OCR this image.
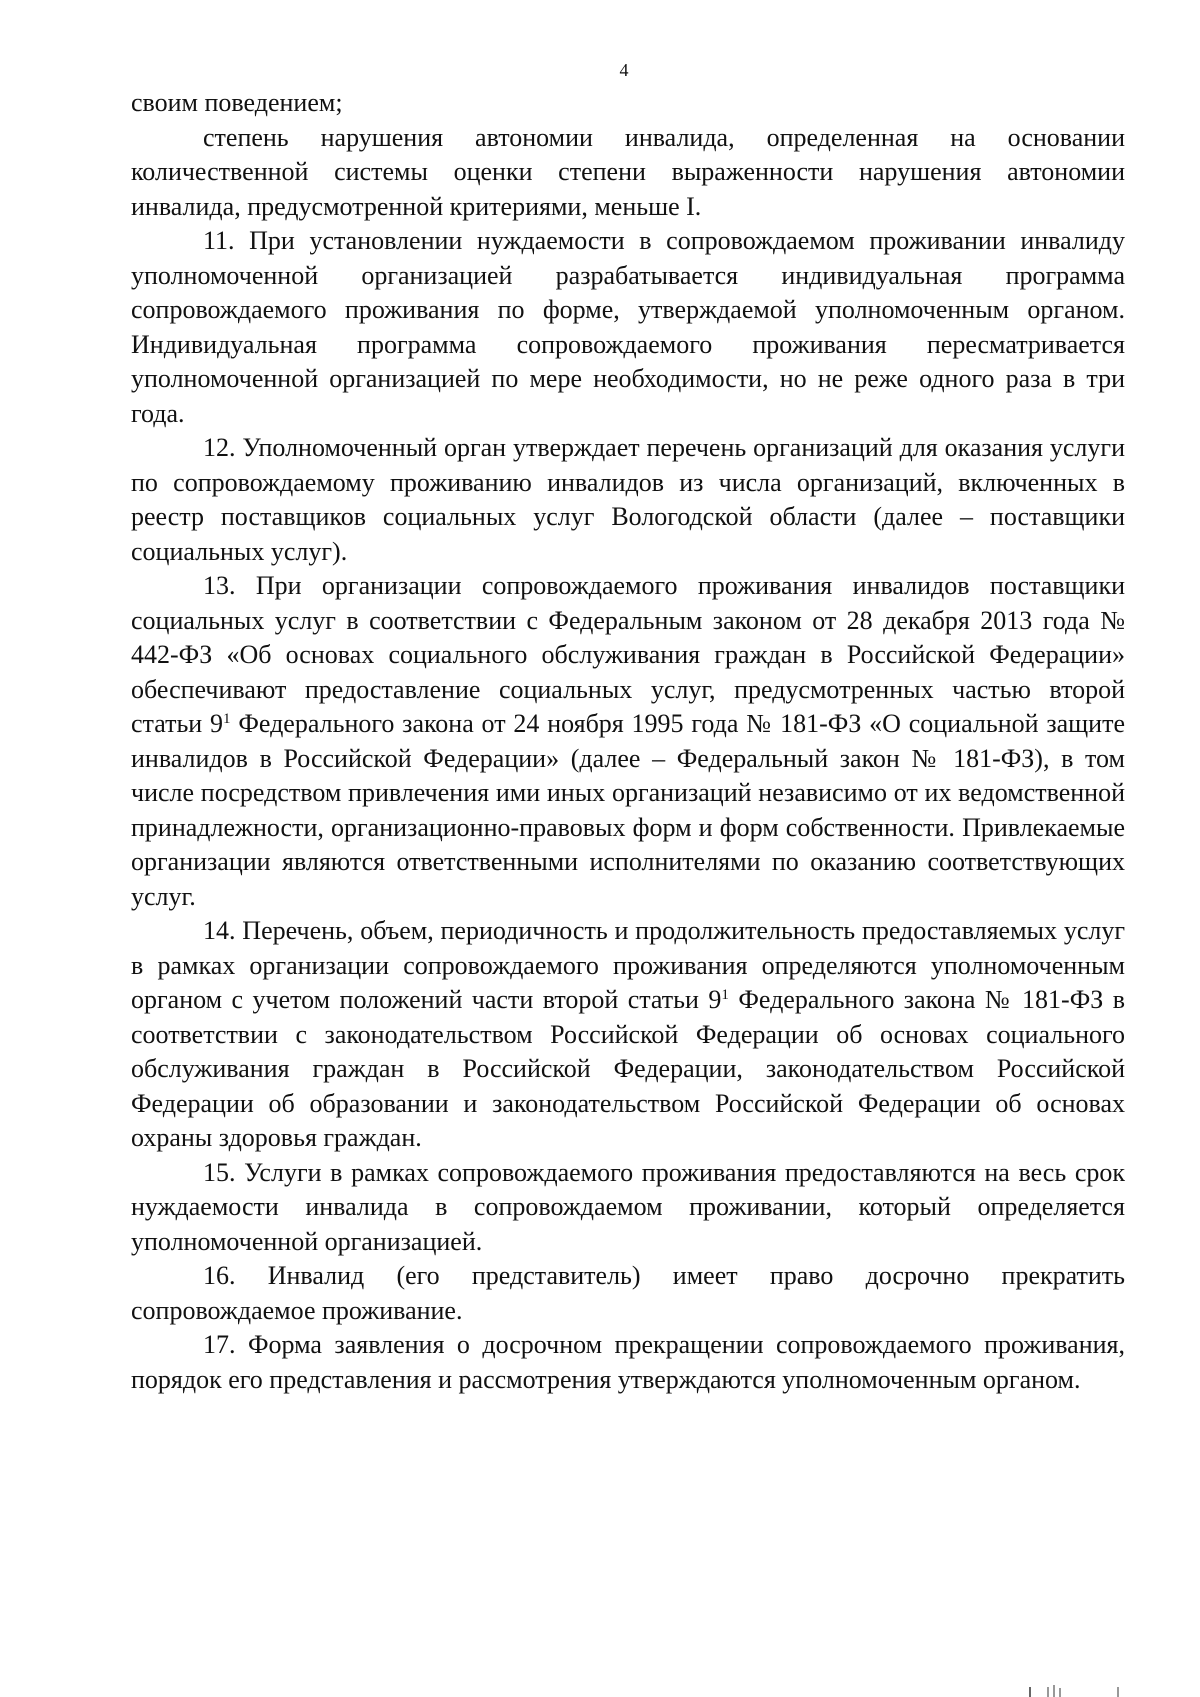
4

своим поведением;

степень нарушения автономии инвалида, определенная на основании количественной системы оценки степени выраженности нарушения автономии инвалида, предусмотренной критериями, меньше I.

11. При установлении нуждаемости в сопровождаемом проживании инвалиду уполномоченной организацией разрабатывается индивидуальная программа сопровождаемого проживания по форме, утверждаемой уполномоченным органом. Индивидуальная программа сопровождаемого проживания пересматривается уполномоченной организацией по мере необходимости, но не реже одного раза в три года.

12. Уполномоченный орган утверждает перечень организаций для оказания услуги по сопровождаемому проживанию инвалидов из числа организаций, включенных в реестр поставщиков социальных услуг Вологодской области (далее – поставщики социальных услуг).

13. При организации сопровождаемого проживания инвалидов поставщики социальных услуг в соответствии с Федеральным законом от 28 декабря 2013 года № 442-ФЗ «Об основах социального обслуживания граждан в Российской Федерации» обеспечивают предоставление социальных услуг, предусмотренных частью второй статьи $9^1$ Федерального закона от 24 ноября 1995 года № 181-ФЗ «О социальной защите инвалидов в Российской Федерации» (далее – Федеральный закон № 181-ФЗ), в том числе посредством привлечения ими иных организаций независимо от их ведомственной принадлежности, организационно-правовых форм и форм собственности. Привлекаемые организации являются ответственными исполнителями по оказанию соответствующих услуг.

14. Перечень, объем, периодичность и продолжительность предоставляемых услуг в рамках организации сопровождаемого проживания определяются уполномоченным органом с учетом положений части второй статьи $9^1$ Федерального закона № 181-ФЗ в соответствии с законодательством Российской Федерации об основах социального обслуживания граждан в Российской Федерации, законодательством Российской Федерации об образовании и законодательством Российской Федерации об основах охраны здоровья граждан.

15. Услуги в рамках сопровождаемого проживания предоставляются на весь срок нуждаемости инвалида в сопровождаемом проживании, который определяется уполномоченной организацией.

16. Инвалид (его представитель) имеет право досрочно прекратить сопровождаемое проживание.

17. Форма заявления о досрочном прекращении сопровождаемого проживания, порядок его представления и рассмотрения утверждаются уполномоченным органом.
